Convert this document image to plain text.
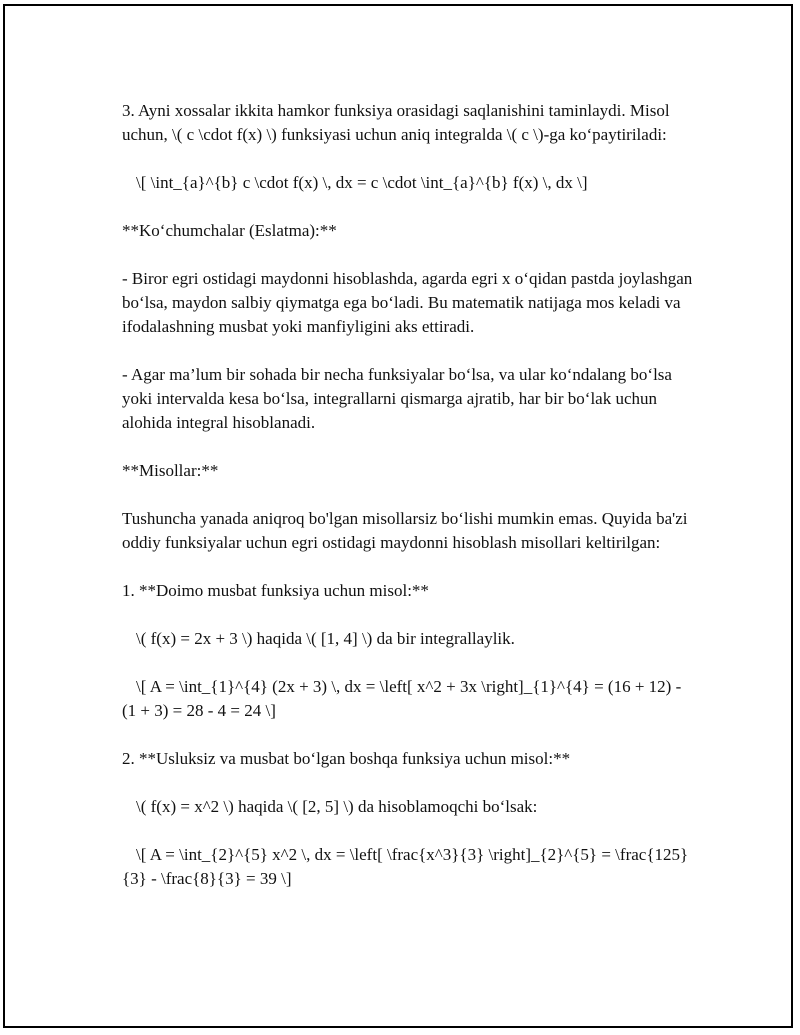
3. Ayni xossalar ikkita hamkor funksiya orasidagi saqlanishini taminlaydi. Misol uchun, \( c \cdot f(x) \) funksiyasi uchun aniq integralda \( c \)-ga ko‘paytiriladi:

\[ \int_{a}^{b} c \cdot f(x) \, dx = c \cdot \int_{a}^{b} f(x) \, dx \]

**Ko‘chumchalar (Eslatma):**

- Biror egri ostidagi maydonni hisoblashda, agarda egri x o‘qidan pastda joylashgan bo‘lsa, maydon salbiy qiymatga ega bo‘ladi. Bu matematik natijaga mos keladi va ifodalashning musbat yoki manfiyligini aks ettiradi.

- Agar ma’lum bir sohada bir necha funksiyalar bo‘lsa, va ular ko‘ndalang bo‘lsa yoki intervalda kesa bo‘lsa, integrallarni qismarga ajratib, har bir bo‘lak uchun alohida integral hisoblanadi.

**Misollar:**

Tushuncha yanada aniqroq bo'lgan misollarsiz bo‘lishi mumkin emas. Quyida ba'zi oddiy funksiyalar uchun egri ostidagi maydonni hisoblash misollari keltirilgan:

1. **Doimo musbat funksiya uchun misol:**

\( f(x) = 2x + 3 \) haqida \( [1, 4] \) da bir integrallaylik.

\[ A = \int_{1}^{4} (2x + 3) \, dx = \left[ x^2 + 3x \right]_{1}^{4} = (16 + 12) - (1 + 3) = 28 - 4 = 24 \]

2. **Usluksiz va musbat bo‘lgan boshqa funksiya uchun misol:**

\( f(x) = x^2 \) haqida \( [2, 5] \) da hisoblamoqchi bo‘lsak:

\[ A = \int_{2}^{5} x^2 \, dx = \left[ \frac{x^3}{3} \right]_{2}^{5} = \frac{125}{3} - \frac{8}{3} = 39 \]
